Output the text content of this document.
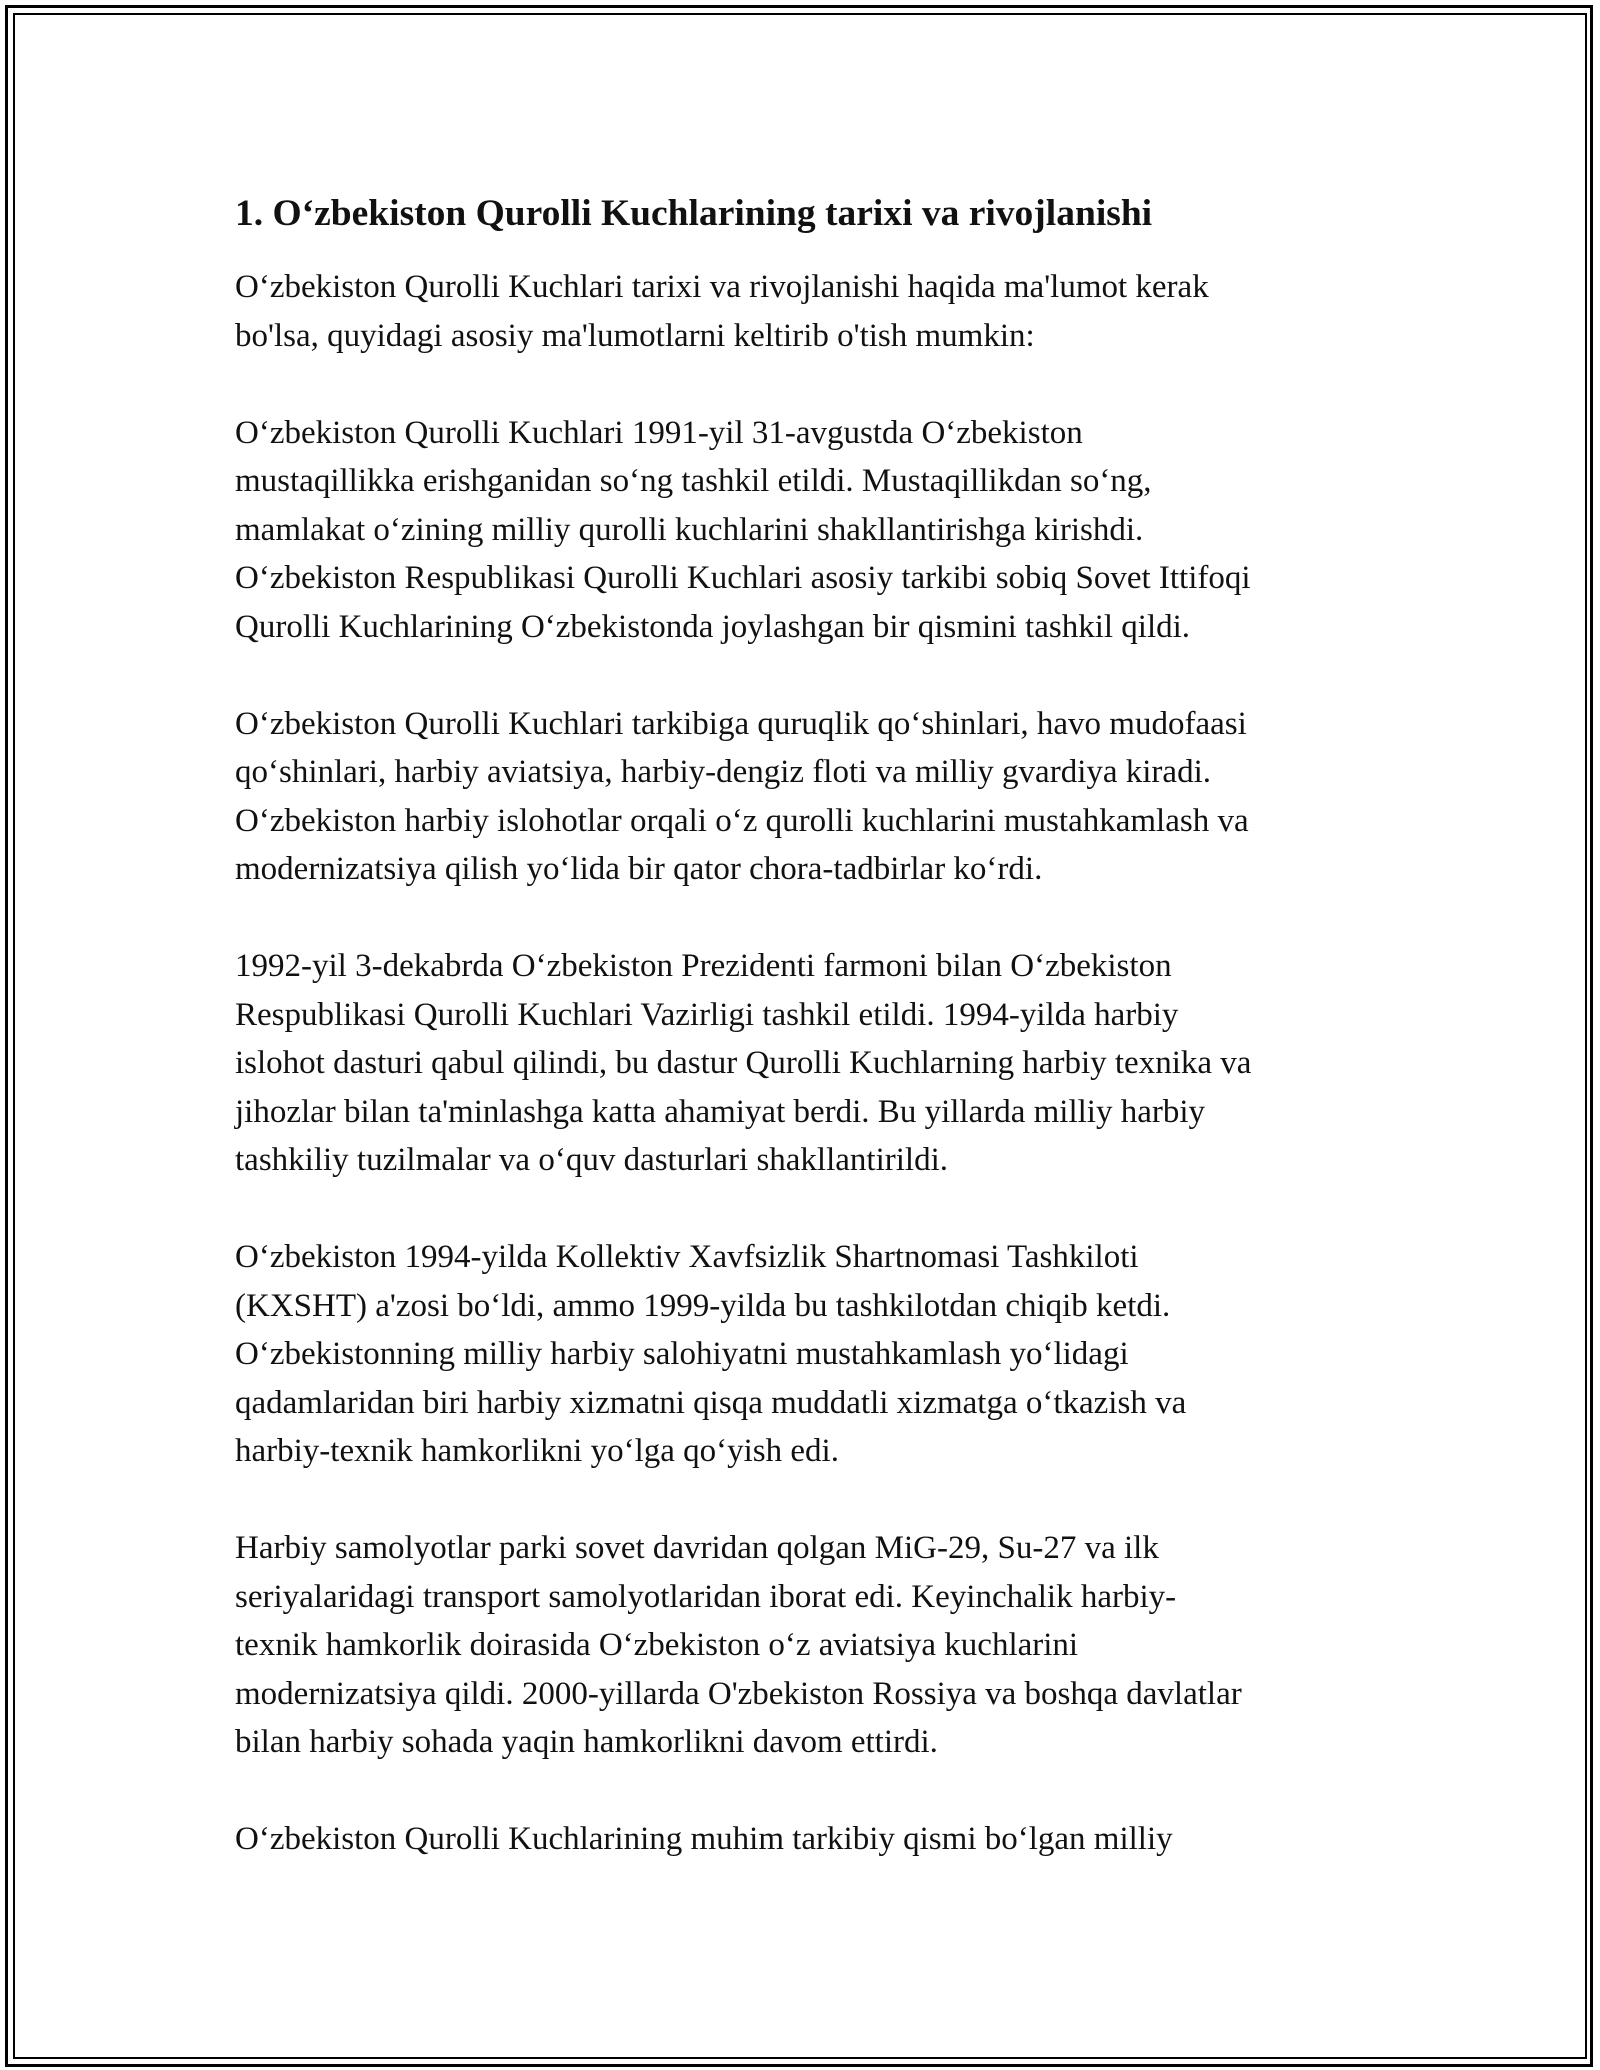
1. O‘zbekiston Qurolli Kuchlarining tarixi va rivojlanishi

O‘zbekiston Qurolli Kuchlari tarixi va rivojlanishi haqida ma'lumot kerak
bo'lsa, quyidagi asosiy ma'lumotlarni keltirib o'tish mumkin:

O‘zbekiston Qurolli Kuchlari 1991-yil 31-avgustda O‘zbekiston
mustaqillikka erishganidan so‘ng tashkil etildi. Mustaqillikdan so‘ng,
mamlakat o‘zining milliy qurolli kuchlarini shakllantirishga kirishdi.
O‘zbekiston Respublikasi Qurolli Kuchlari asosiy tarkibi sobiq Sovet Ittifoqi
Qurolli Kuchlarining O‘zbekistonda joylashgan bir qismini tashkil qildi.

O‘zbekiston Qurolli Kuchlari tarkibiga quruqlik qo‘shinlari, havo mudofaasi
qo‘shinlari, harbiy aviatsiya, harbiy-dengiz floti va milliy gvardiya kiradi.
O‘zbekiston harbiy islohotlar orqali o‘z qurolli kuchlarini mustahkamlash va
modernizatsiya qilish yo‘lida bir qator chora-tadbirlar ko‘rdi.

1992-yil 3-dekabrda O‘zbekiston Prezidenti farmoni bilan O‘zbekiston
Respublikasi Qurolli Kuchlari Vazirligi tashkil etildi. 1994-yilda harbiy
islohot dasturi qabul qilindi, bu dastur Qurolli Kuchlarning harbiy texnika va
jihozlar bilan ta'minlashga katta ahamiyat berdi. Bu yillarda milliy harbiy
tashkiliy tuzilmalar va o‘quv dasturlari shakllantirildi.

O‘zbekiston 1994-yilda Kollektiv Xavfsizlik Shartnomasi Tashkiloti
(KXSHT) a'zosi bo‘ldi, ammo 1999-yilda bu tashkilotdan chiqib ketdi.
O‘zbekistonning milliy harbiy salohiyatni mustahkamlash yo‘lidagi
qadamlaridan biri harbiy xizmatni qisqa muddatli xizmatga o‘tkazish va
harbiy-texnik hamkorlikni yo‘lga qo‘yish edi.

Harbiy samolyotlar parki sovet davridan qolgan MiG-29, Su-27 va ilk
seriyalaridagi transport samolyotlaridan iborat edi. Keyinchalik harbiy-
texnik hamkorlik doirasida O‘zbekiston o‘z aviatsiya kuchlarini
modernizatsiya qildi. 2000-yillarda O'zbekiston Rossiya va boshqa davlatlar
bilan harbiy sohada yaqin hamkorlikni davom ettirdi.

O‘zbekiston Qurolli Kuchlarining muhim tarkibiy qismi bo‘lgan milliy
